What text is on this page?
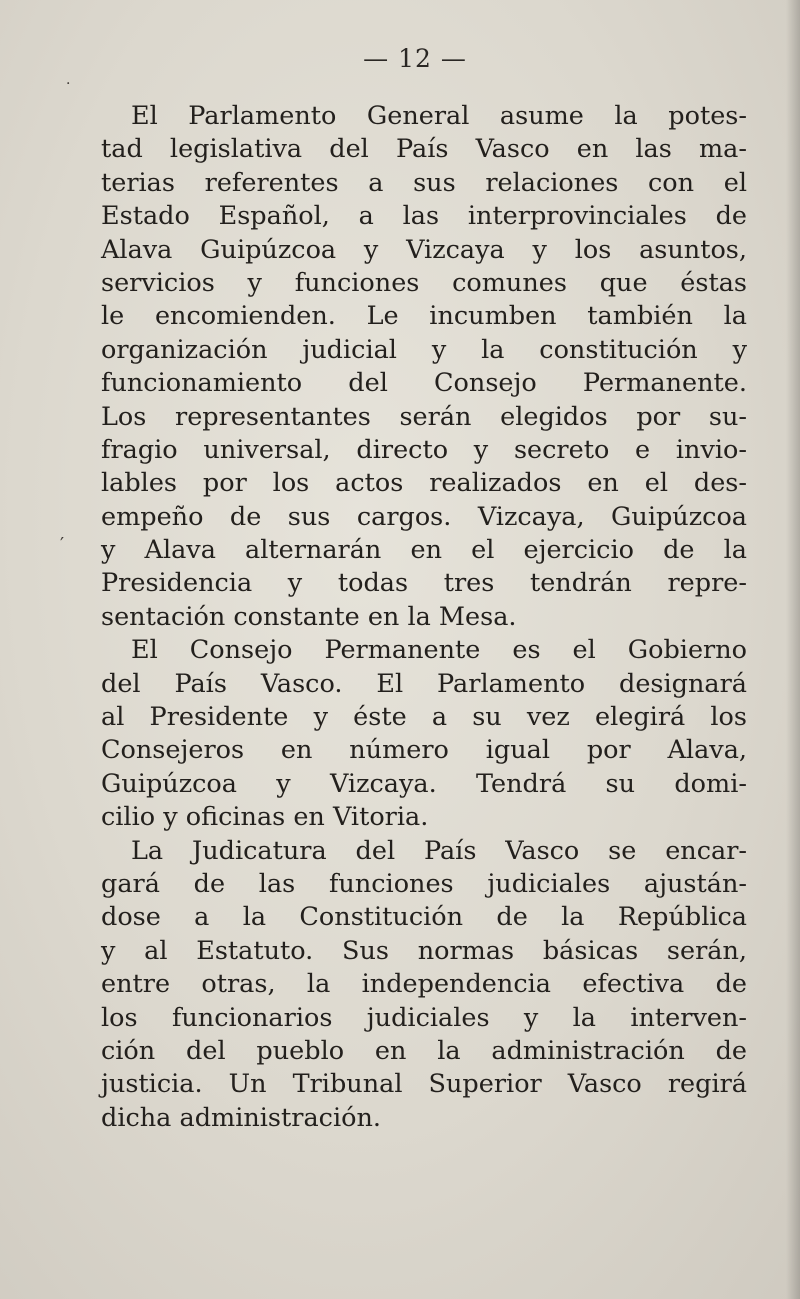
— 12 —
·
′
El Parlamento General asume la potes-
tad legislativa del País Vasco en las ma-
terias referentes a sus relaciones con el
Estado Español, a las interprovinciales de
Alava Guipúzcoa y Vizcaya y los asuntos,
servicios y funciones comunes que éstas
le encomienden. Le incumben también la
organización judicial y la constitución y
funcionamiento del Consejo Permanente.
Los representantes serán elegidos por su-
fragio universal, directo y secreto e invio-
lables por los actos realizados en el des-
empeño de sus cargos. Vizcaya, Guipúzcoa
y Alava alternarán en el ejercicio de la
Presidencia y todas tres tendrán repre-
sentación constante en la Mesa.
El Consejo Permanente es el Gobierno
del País Vasco. El Parlamento designará
al Presidente y éste a su vez elegirá los
Consejeros en número igual por Alava,
Guipúzcoa y Vizcaya. Tendrá su domi-
cilio y oficinas en Vitoria.
La Judicatura del País Vasco se encar-
gará de las funciones judiciales ajustán-
dose a la Constitución de la República
y al Estatuto. Sus normas básicas serán,
entre otras, la independencia efectiva de
los funcionarios judiciales y la interven-
ción del pueblo en la administración de
justicia. Un Tribunal Superior Vasco regirá
dicha administración.
